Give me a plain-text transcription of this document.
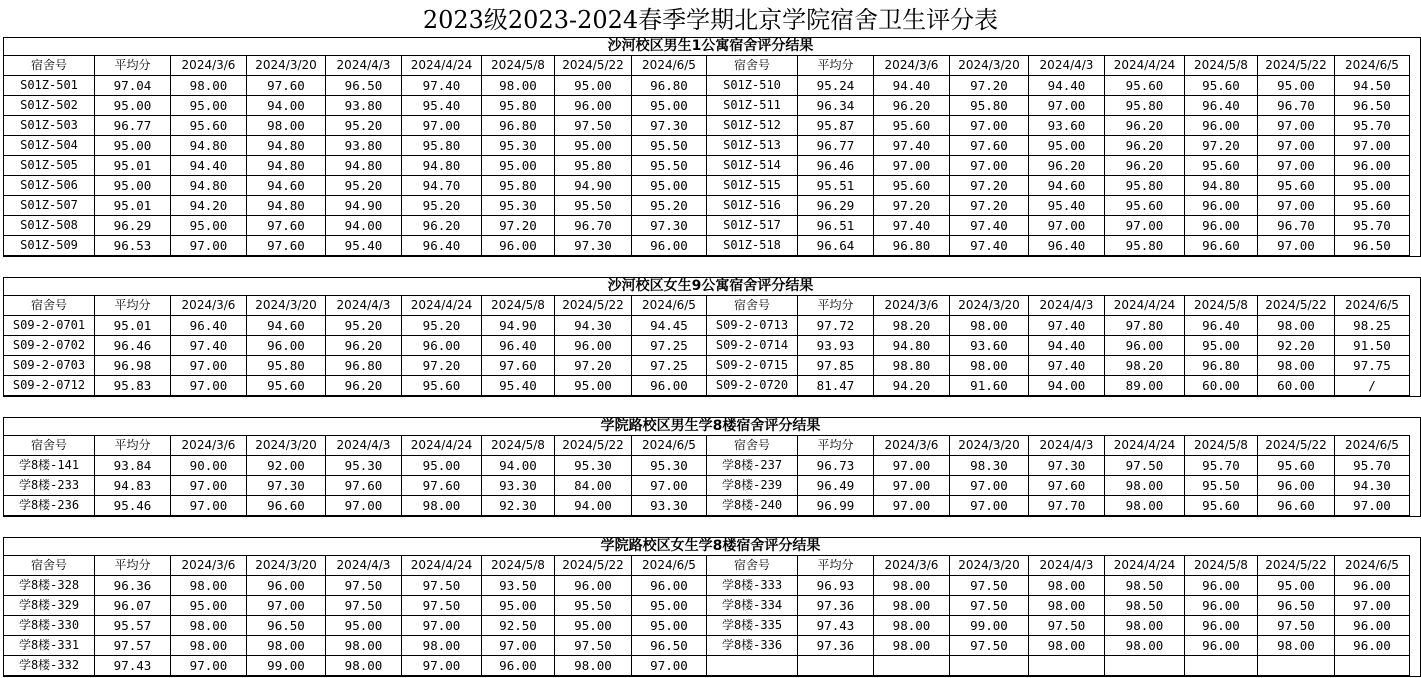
2023级2023-2024春季学期北京学院宿舍卫生评分表
沙河校区男生1公寓宿舍评分结果
宿舍号	平均分	2024/3/6	2024/3/20	2024/4/3	2024/4/24	2024/5/8	2024/5/22	2024/6/5	宿舍号	平均分	2024/3/6	2024/3/20	2024/4/3	2024/4/24	2024/5/8	2024/5/22	2024/6/5
S01Z-501	97.04	98.00	97.60	96.50	97.40	98.00	95.00	96.80	S01Z-510	95.24	94.40	97.20	94.40	95.60	95.60	95.00	94.50
S01Z-502	95.00	95.00	94.00	93.80	95.40	95.80	96.00	95.00	S01Z-511	96.34	96.20	95.80	97.00	95.80	96.40	96.70	96.50
S01Z-503	96.77	95.60	98.00	95.20	97.00	96.80	97.50	97.30	S01Z-512	95.87	95.60	97.00	93.60	96.20	96.00	97.00	95.70
S01Z-504	95.00	94.80	94.80	93.80	95.80	95.30	95.00	95.50	S01Z-513	96.77	97.40	97.60	95.00	96.20	97.20	97.00	97.00
S01Z-505	95.01	94.40	94.80	94.80	94.80	95.00	95.80	95.50	S01Z-514	96.46	97.00	97.00	96.20	96.20	95.60	97.00	96.00
S01Z-506	95.00	94.80	94.60	95.20	94.70	95.80	94.90	95.00	S01Z-515	95.51	95.60	97.20	94.60	95.80	94.80	95.60	95.00
S01Z-507	95.01	94.20	94.80	94.90	95.20	95.30	95.50	95.20	S01Z-516	96.29	97.20	97.20	95.40	95.60	96.00	97.00	95.60
S01Z-508	96.29	95.00	97.60	94.00	96.20	97.20	96.70	97.30	S01Z-517	96.51	97.40	97.40	97.00	97.00	96.00	96.70	95.70
S01Z-509	96.53	97.00	97.60	95.40	96.40	96.00	97.30	96.00	S01Z-518	96.64	96.80	97.40	96.40	95.80	96.60	97.00	96.50
沙河校区女生9公寓宿舍评分结果
宿舍号	平均分	2024/3/6	2024/3/20	2024/4/3	2024/4/24	2024/5/8	2024/5/22	2024/6/5	宿舍号	平均分	2024/3/6	2024/3/20	2024/4/3	2024/4/24	2024/5/8	2024/5/22	2024/6/5
S09-2-0701	95.01	96.40	94.60	95.20	95.20	94.90	94.30	94.45	S09-2-0713	97.72	98.20	98.00	97.40	97.80	96.40	98.00	98.25
S09-2-0702	96.46	97.40	96.00	96.20	96.00	96.40	96.00	97.25	S09-2-0714	93.93	94.80	93.60	94.40	96.00	95.00	92.20	91.50
S09-2-0703	96.98	97.00	95.80	96.80	97.20	97.60	97.20	97.25	S09-2-0715	97.85	98.80	98.00	97.40	98.20	96.80	98.00	97.75
S09-2-0712	95.83	97.00	95.60	96.20	95.60	95.40	95.00	96.00	S09-2-0720	81.47	94.20	91.60	94.00	89.00	60.00	60.00	/
学院路校区男生学8楼宿舍评分结果
宿舍号	平均分	2024/3/6	2024/3/20	2024/4/3	2024/4/24	2024/5/8	2024/5/22	2024/6/5	宿舍号	平均分	2024/3/6	2024/3/20	2024/4/3	2024/4/24	2024/5/8	2024/5/22	2024/6/5
学8楼-141	93.84	90.00	92.00	95.30	95.00	94.00	95.30	95.30	学8楼-237	96.73	97.00	98.30	97.30	97.50	95.70	95.60	95.70
学8楼-233	94.83	97.00	97.30	97.60	97.60	93.30	84.00	97.00	学8楼-239	96.49	97.00	97.00	97.60	98.00	95.50	96.00	94.30
学8楼-236	95.46	97.00	96.60	97.00	98.00	92.30	94.00	93.30	学8楼-240	96.99	97.00	97.00	97.70	98.00	95.60	96.60	97.00
学院路校区女生学8楼宿舍评分结果
宿舍号	平均分	2024/3/6	2024/3/20	2024/4/3	2024/4/24	2024/5/8	2024/5/22	2024/6/5	宿舍号	平均分	2024/3/6	2024/3/20	2024/4/3	2024/4/24	2024/5/8	2024/5/22	2024/6/5
学8楼-328	96.36	98.00	96.00	97.50	97.50	93.50	96.00	96.00	学8楼-333	96.93	98.00	97.50	98.00	98.50	96.00	95.00	96.00
学8楼-329	96.07	95.00	97.00	97.50	97.50	95.00	95.50	95.00	学8楼-334	97.36	98.00	97.50	98.00	98.50	96.00	96.50	97.00
学8楼-330	95.57	98.00	96.50	95.00	97.00	92.50	95.00	95.00	学8楼-335	97.43	98.00	99.00	97.50	98.00	96.00	97.50	96.00
学8楼-331	97.57	98.00	98.00	98.00	98.00	97.00	97.50	96.50	学8楼-336	97.36	98.00	97.50	98.00	98.00	96.00	98.00	96.00
学8楼-332	97.43	97.00	99.00	98.00	97.00	96.00	98.00	97.00									
